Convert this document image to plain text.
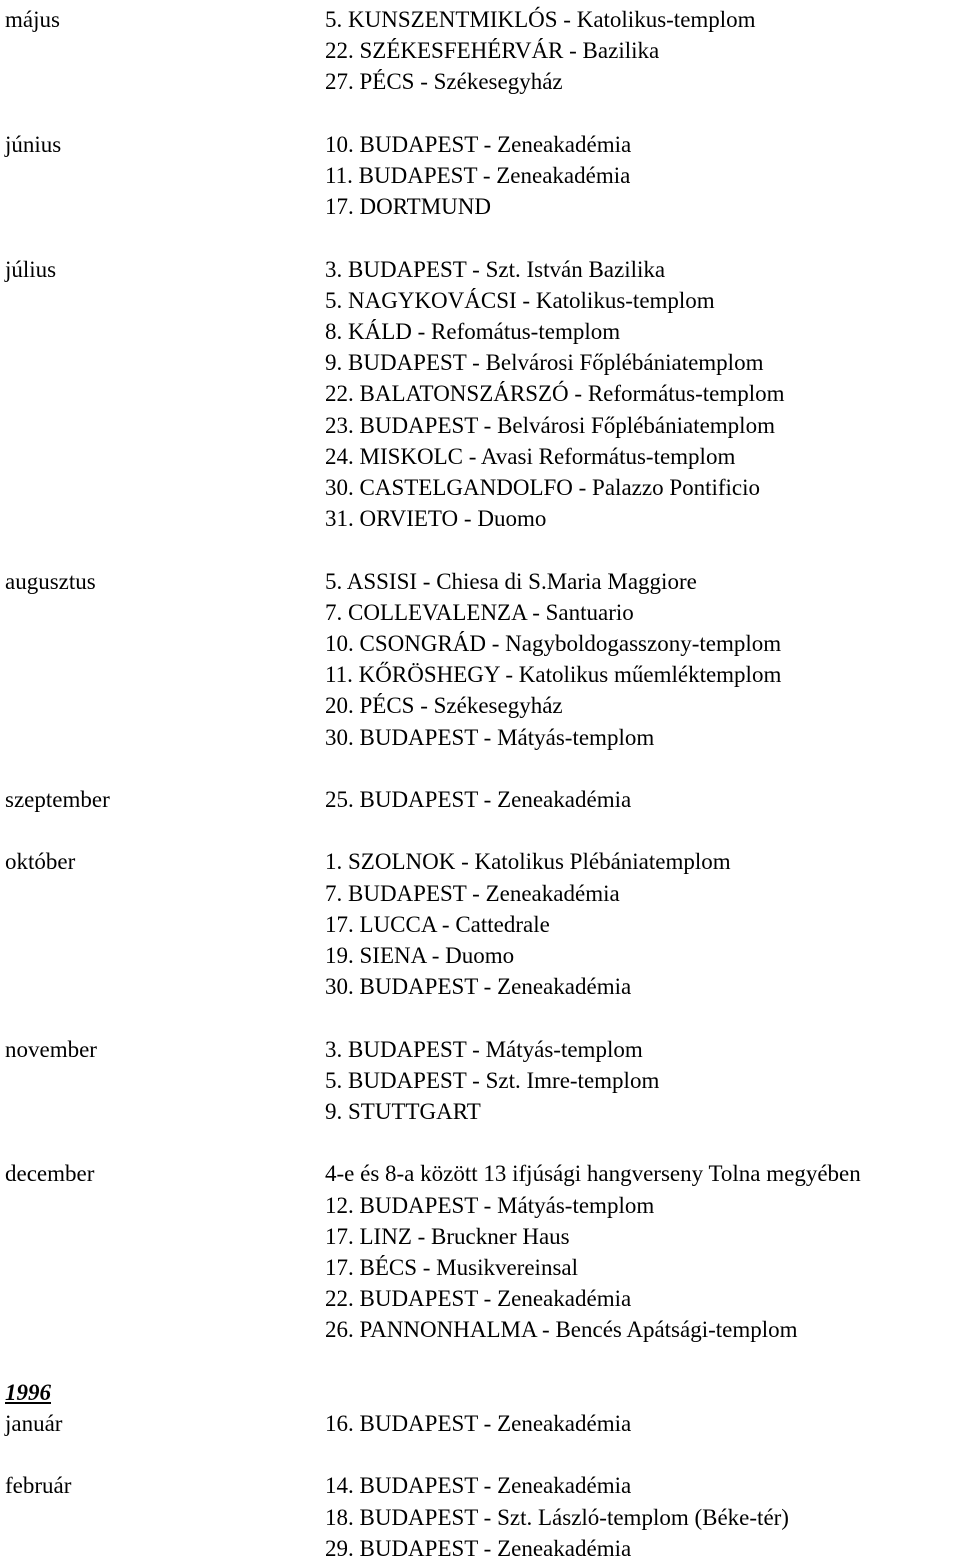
május	5. KUNSZENTMIKLÓS - Katolikus-templom
22. SZÉKESFEHÉRVÁR - Bazilika
27. PÉCS - Székesegyház
június	10. BUDAPEST - Zeneakadémia
11. BUDAPEST - Zeneakadémia
17. DORTMUND
július	3. BUDAPEST - Szt. István Bazilika
5. NAGYKOVÁCSI - Katolikus-templom
8. KÁLD - Refomátus-templom
9. BUDAPEST - Belvárosi Főplébániatemplom
22. BALATONSZÁRSZÓ - Református-templom
23. BUDAPEST - Belvárosi Főplébániatemplom
24. MISKOLC - Avasi Református-templom
30. CASTELGANDOLFO - Palazzo Pontificio
31. ORVIETO - Duomo
augusztus	5. ASSISI - Chiesa di S.Maria Maggiore
7. COLLEVALENZA - Santuario
10. CSONGRÁD - Nagyboldogasszony-templom
11. KŐRÖSHEGY - Katolikus műemléktemplom
20. PÉCS - Székesegyház
30. BUDAPEST - Mátyás-templom
szeptember	25. BUDAPEST - Zeneakadémia
október	1. SZOLNOK - Katolikus Plébániatemplom
7. BUDAPEST - Zeneakadémia
17. LUCCA - Cattedrale
19. SIENA - Duomo
30. BUDAPEST - Zeneakadémia
november	3. BUDAPEST - Mátyás-templom
5. BUDAPEST - Szt. Imre-templom
9. STUTTGART
december	4-e és 8-a között 13 ifjúsági hangverseny Tolna megyében
12. BUDAPEST - Mátyás-templom
17. LINZ - Bruckner Haus
17. BÉCS - Musikvereinsal
22. BUDAPEST - Zeneakadémia
26. PANNONHALMA - Bencés Apátsági-templom
1996
január	16. BUDAPEST - Zeneakadémia
február	14. BUDAPEST - Zeneakadémia
18. BUDAPEST - Szt. László-templom (Béke-tér)
29. BUDAPEST - Zeneakadémia
